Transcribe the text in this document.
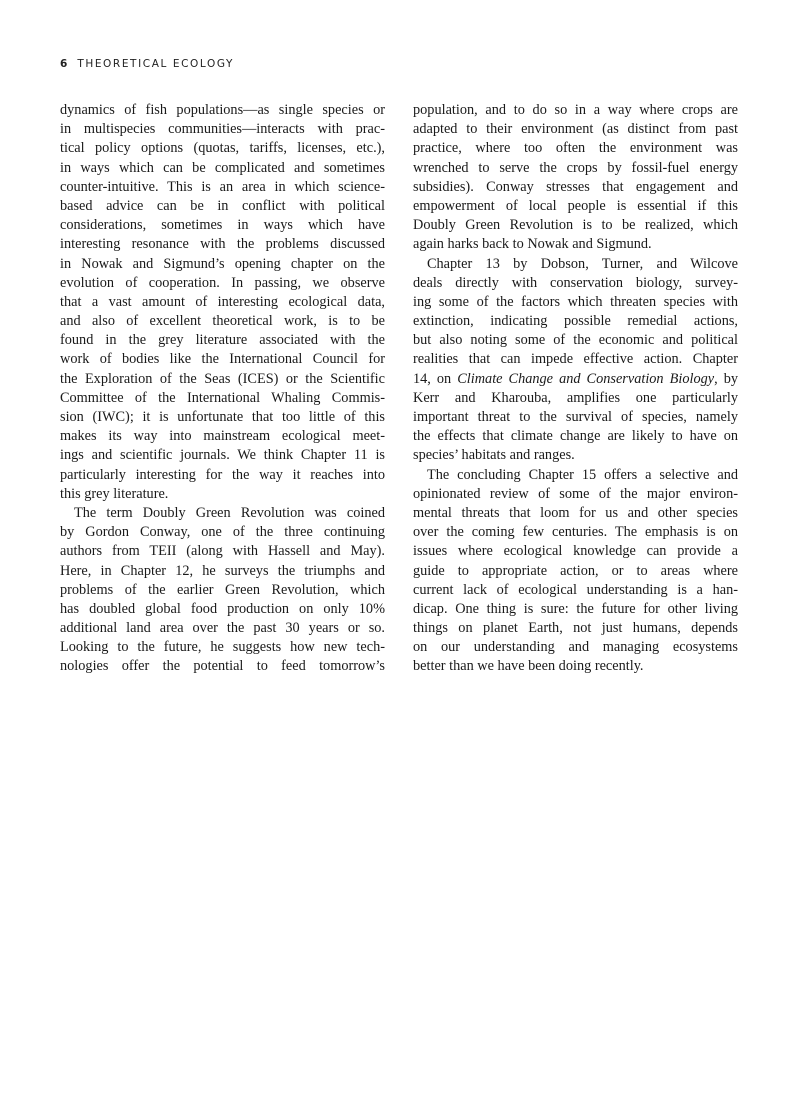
6 THEORETICAL ECOLOGY
dynamics of fish populations—as single species or
in multispecies communities—interacts with prac-
tical policy options (quotas, tariffs, licenses, etc.),
in ways which can be complicated and sometimes
counter-intuitive. This is an area in which science-
based advice can be in conflict with political
considerations, sometimes in ways which have
interesting resonance with the problems discussed
in Nowak and Sigmund’s opening chapter on the
evolution of cooperation. In passing, we observe
that a vast amount of interesting ecological data,
and also of excellent theoretical work, is to be
found in the grey literature associated with the
work of bodies like the International Council for
the Exploration of the Seas (ICES) or the Scientific
Committee of the International Whaling Commis-
sion (IWC); it is unfortunate that too little of this
makes its way into mainstream ecological meet-
ings and scientific journals. We think Chapter 11 is
particularly interesting for the way it reaches into
this grey literature.
The term Doubly Green Revolution was coined
by Gordon Conway, one of the three continuing
authors from TEII (along with Hassell and May).
Here, in Chapter 12, he surveys the triumphs and
problems of the earlier Green Revolution, which
has doubled global food production on only 10%
additional land area over the past 30 years or so.
Looking to the future, he suggests how new tech-
nologies offer the potential to feed tomorrow’s
population, and to do so in a way where crops are
adapted to their environment (as distinct from past
practice, where too often the environment was
wrenched to serve the crops by fossil-fuel energy
subsidies). Conway stresses that engagement and
empowerment of local people is essential if this
Doubly Green Revolution is to be realized, which
again harks back to Nowak and Sigmund.
Chapter 13 by Dobson, Turner, and Wilcove
deals directly with conservation biology, survey-
ing some of the factors which threaten species with
extinction, indicating possible remedial actions,
but also noting some of the economic and political
realities that can impede effective action. Chapter
14, on Climate Change and Conservation Biology, by
Kerr and Kharouba, amplifies one particularly
important threat to the survival of species, namely
the effects that climate change are likely to have on
species’ habitats and ranges.
The concluding Chapter 15 offers a selective and
opinionated review of some of the major environ-
mental threats that loom for us and other species
over the coming few centuries. The emphasis is on
issues where ecological knowledge can provide a
guide to appropriate action, or to areas where
current lack of ecological understanding is a han-
dicap. One thing is sure: the future for other living
things on planet Earth, not just humans, depends
on our understanding and managing ecosystems
better than we have been doing recently.
